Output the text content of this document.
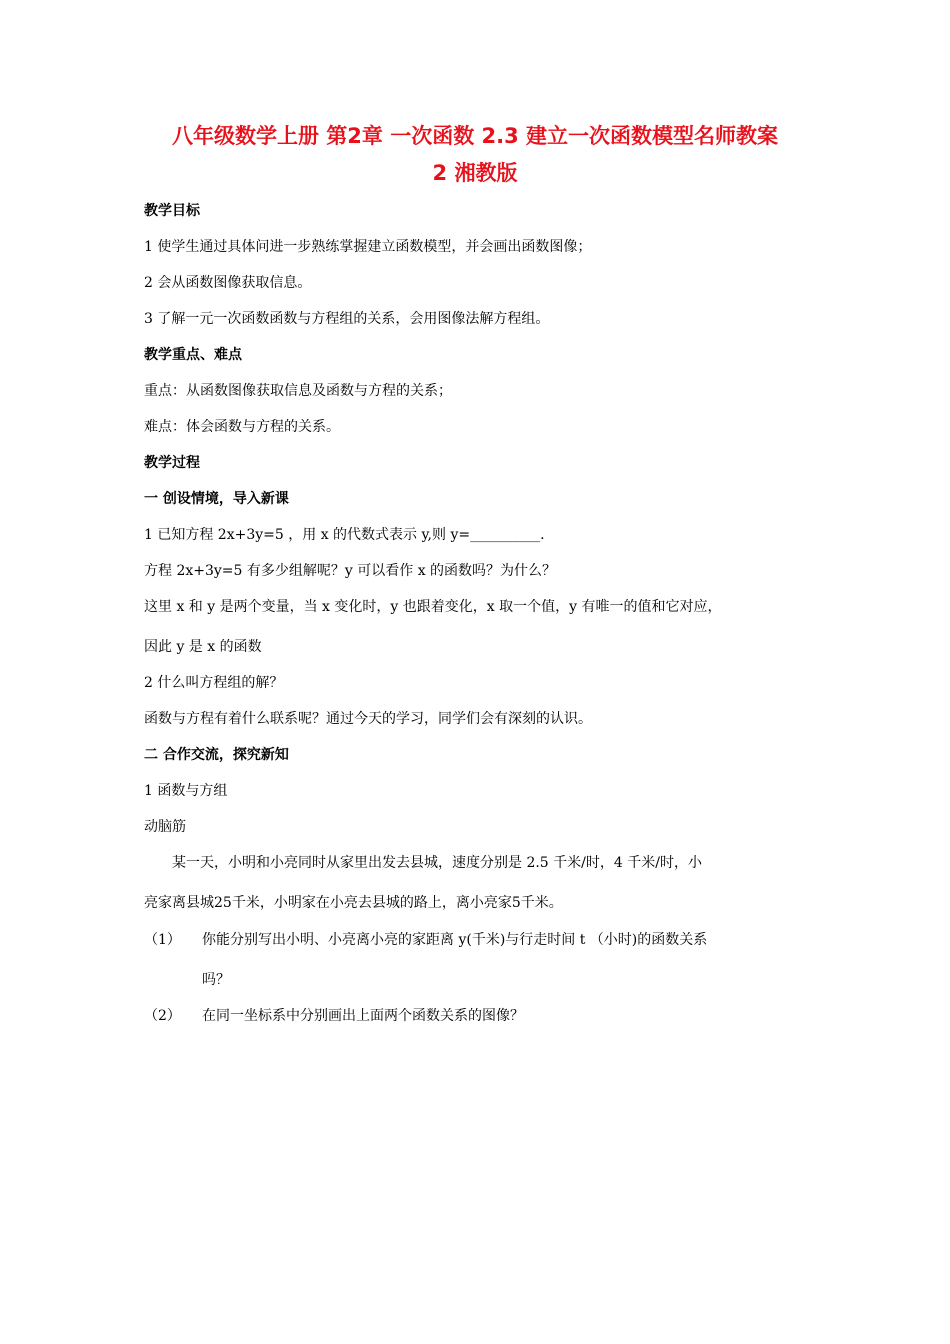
八年级数学上册 第2章 一次函数 2.3 建立一次函数模型名师教案
2 湘教版
教学目标
1 使学生通过具体问进一步熟练掌握建立函数模型，并会画出函数图像；
2 会从函数图像获取信息。
3 了解一元一次函数函数与方程组的关系，会用图像法解方程组。
教学重点、难点
重点：从函数图像获取信息及函数与方程的关系；
难点：体会函数与方程的关系。
教学过程
一 创设情境，导入新课
1 已知方程 2x+3y=5 ，用 x 的代数式表示 y,则 y=__________.
方程 2x+3y=5 有多少组解呢？y 可以看作 x 的函数吗？为什么？
这里 x 和 y 是两个变量，当 x 变化时，y 也跟着变化，x 取一个值，y 有唯一的值和它对应，
因此 y 是 x 的函数
2 什么叫方程组的解？
函数与方程有着什么联系呢？通过今天的学习，同学们会有深刻的认识。
二 合作交流，探究新知
1 函数与方组
动脑筋
某一天，小明和小亮同时从家里出发去县城，速度分别是 2.5 千米/时，4 千米/时，小
亮家离县城25千米，小明家在小亮去县城的路上，离小亮家5千米。
（1） 你能分别写出小明、小亮离小亮的家距离 y(千米)与行走时间 t （小时)的函数关系
吗？
（2） 在同一坐标系中分别画出上面两个函数关系的图像？
